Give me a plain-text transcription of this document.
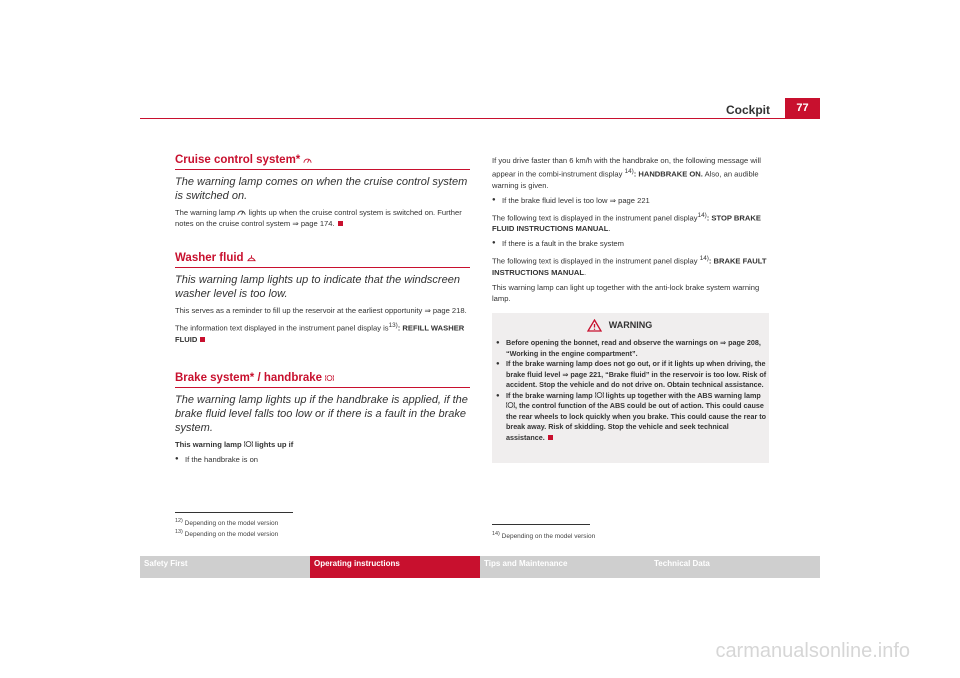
Cockpit	77
Cruise control system*

The warning lamp comes on when the cruise control system is switched on.

The warning lamp lights up when the cruise control system is switched on. Further notes on the cruise control system ⇒ page 174.

Washer fluid

This warning lamp lights up to indicate that the windscreen washer level is too low.

This serves as a reminder to fill up the reservoir at the earliest opportunity ⇒ page 218.

The information text displayed in the instrument panel display $is^{13)}$: REFILL WASHER FLUID

Brake system* / handbrake

The warning lamp lights up if the handbrake is applied, if the brake fluid level falls too low or if there is a fault in the brake system.

This warning lamp lights up if

● If the handbrake is on

$^{12)}$ Depending on the model version
$^{13)}$ Depending on the model version

If you drive faster than 6 km/h with the handbrake on, the following message will appear in the combi-instrument display $^{14)}$: HANDBRAKE ON. Also, an audible warning is given.

● If the brake fluid level is too low ⇒ page 221

The following text is displayed in the instrument panel display$^{14)}$: STOP BRAKE FLUID INSTRUCTIONS MANUAL.

● If there is a fault in the brake system

The following text is displayed in the instrument panel display $^{14)}$: BRAKE FAULT INSTRUCTIONS MANUAL.

This warning lamp can light up together with the anti-lock brake system warning lamp.

WARNING
● Before opening the bonnet, read and observe the warnings on ⇒ page 208, “Working in the engine compartment”.
● If the brake warning lamp does not go out, or if it lights up when driving, the brake fluid level ⇒ page 221, “Brake fluid” in the reservoir is too low. Risk of accident. Stop the vehicle and do not drive on. Obtain technical assistance.
● If the brake warning lamp lights up together with the ABS warning lamp , the control function of the ABS could be out of action. This could cause the rear wheels to lock quickly when you brake. This could cause the rear to break away. Risk of skidding. Stop the vehicle and seek technical assistance.
$^{14)}$ Depending on the model version
Safety First	Operating instructions	Tips and Maintenance	Technical Data
carmanualsonline.info
